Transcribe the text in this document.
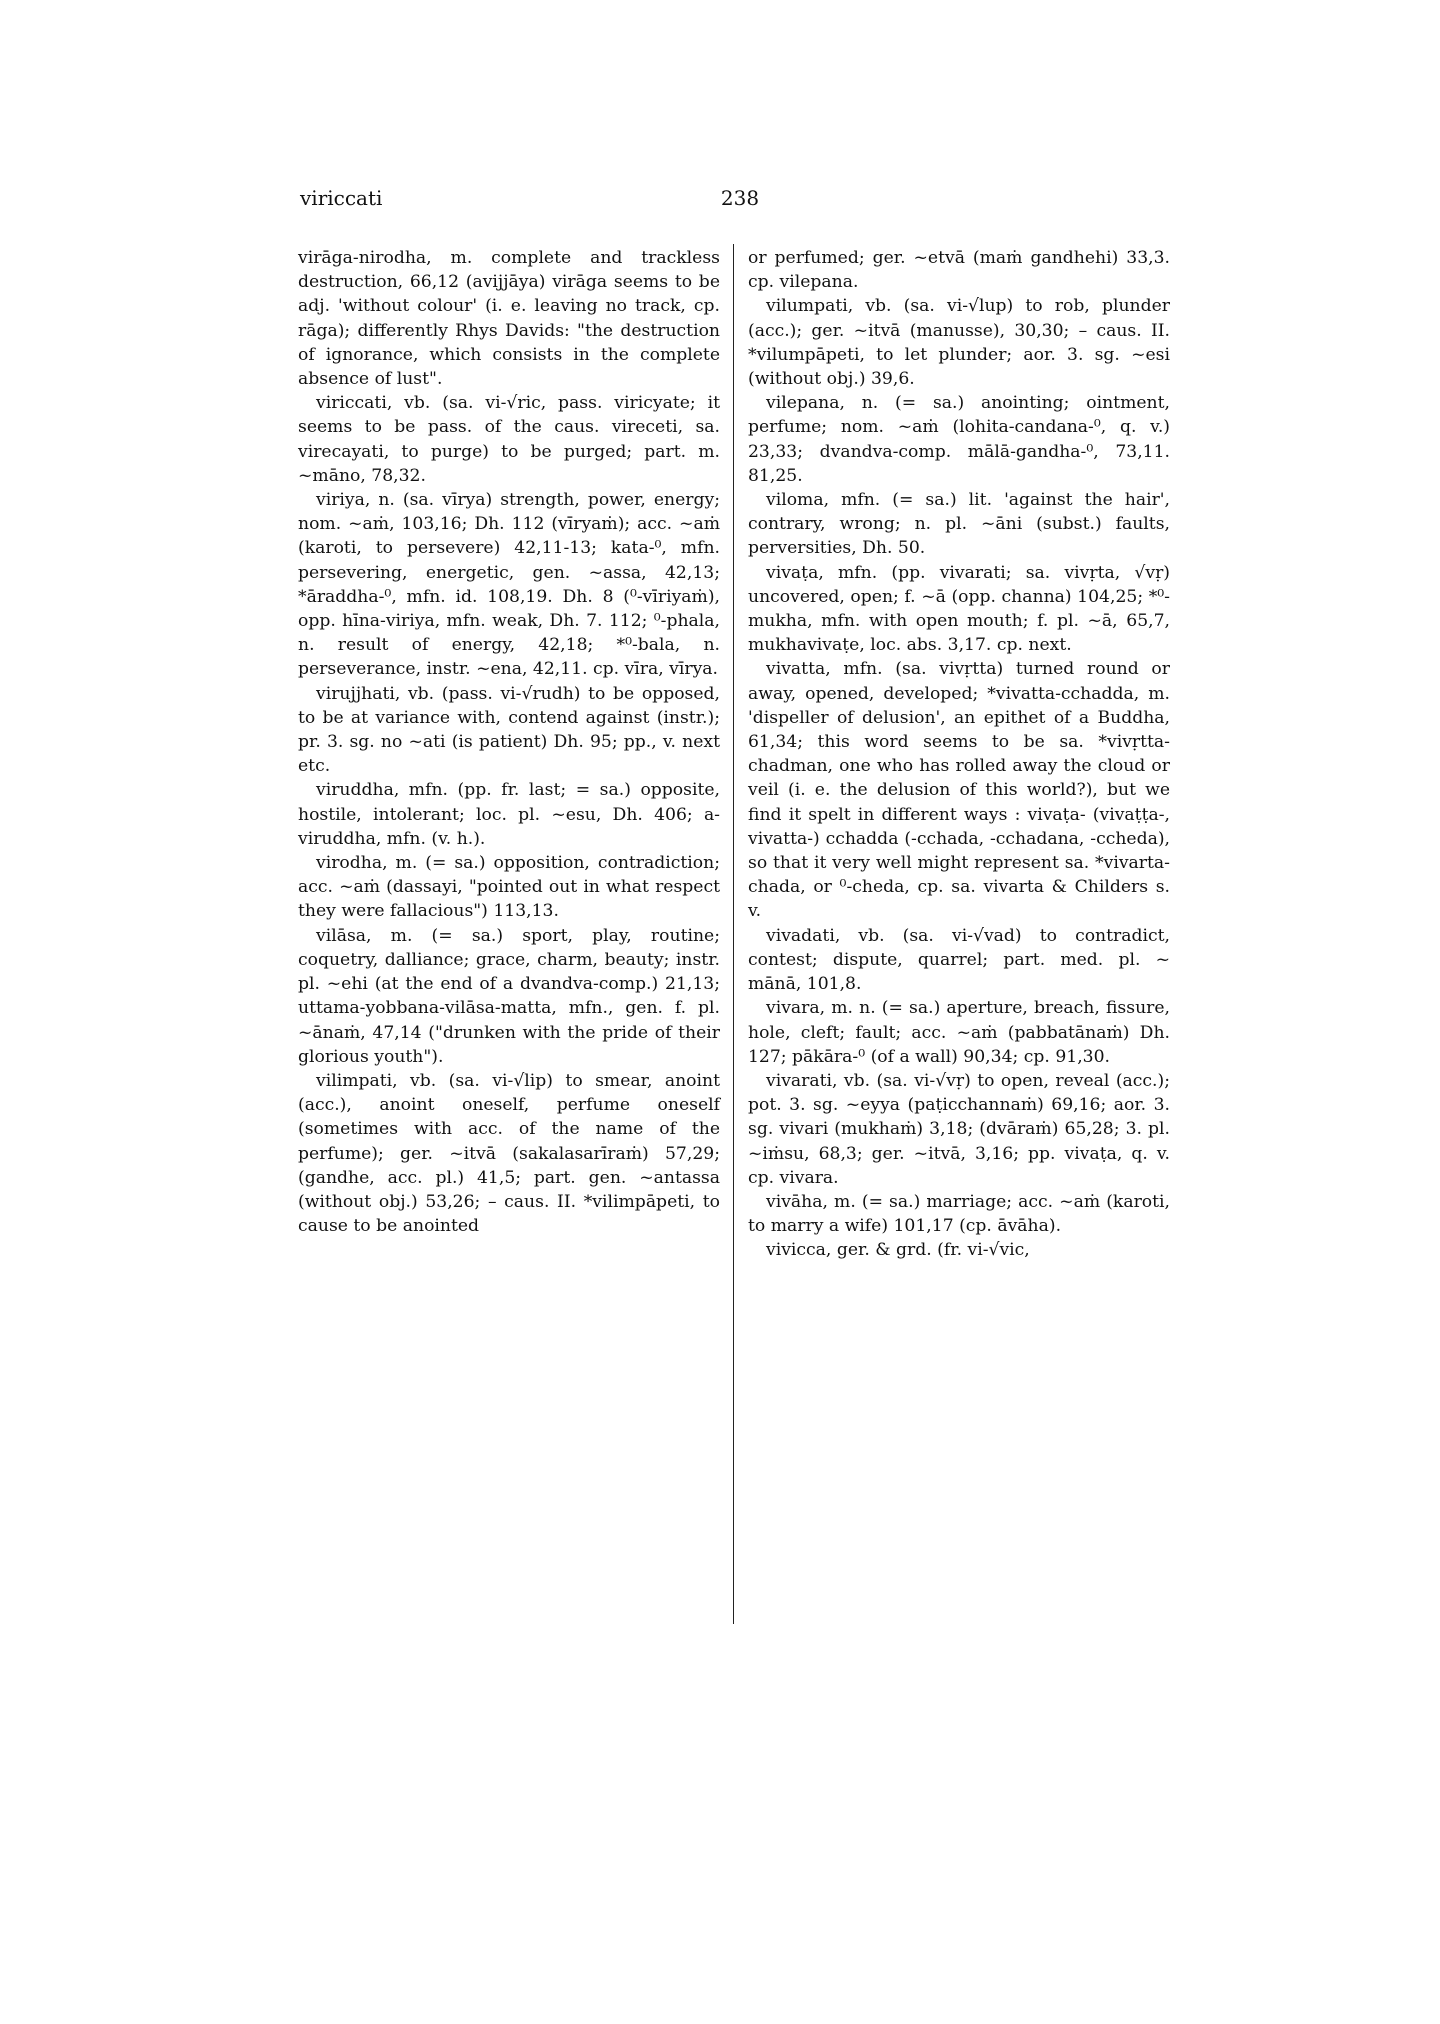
viriccati	238

virāga-nirodha, m. complete and trackless destruction, 66,12 (avijjāya) virāga seems to be adj. 'without colour' (i. e. leaving no track, cp. rāga); differently Rhys Davids: "the destruction of ignorance, which consists in the complete absence of lust".

viriccati, vb. (sa. vi-√ric, pass. viricyate; it seems to be pass. of the caus. vireceti, sa. virecayati, to purge) to be purged; part. m. ~māno, 78,32.

viriya, n. (sa. vīrya) strength, power, energy; nom. ~aṁ, 103,16; Dh. 112 (vīryaṁ); acc. ~aṁ (karoti, to persevere) 42,11-13; kata-⁰, mfn. persevering, energetic, gen. ~assa, 42,13; *āraddha-⁰, mfn. id. 108,19. Dh. 8 (⁰-vīriyaṁ), opp. hīna-viriya, mfn. weak, Dh. 7. 112; ⁰-phala, n. result of energy, 42,18; *⁰-bala, n. perseverance, instr. ~ena, 42,11. cp. vīra, vīrya.

virujjhati, vb. (pass. vi-√rudh) to be opposed, to be at variance with, contend against (instr.); pr. 3. sg. no ~ati (is patient) Dh. 95; pp., v. next etc.

viruddha, mfn. (pp. fr. last; = sa.) opposite, hostile, intolerant; loc. pl. ~esu, Dh. 406; a-viruddha, mfn. (v. h.).

virodha, m. (= sa.) opposition, contradiction; acc. ~aṁ (dassayi, "pointed out in what respect they were fallacious") 113,13.

vilāsa, m. (= sa.) sport, play, routine; coquetry, dalliance; grace, charm, beauty; instr. pl. ~ehi (at the end of a dvandva-comp.) 21,13; uttama-yobbana-vilāsa-matta, mfn., gen. f. pl. ~ānaṁ, 47,14 ("drunken with the pride of their glorious youth").

vilimpati, vb. (sa. vi-√lip) to smear, anoint (acc.), anoint oneself, perfume oneself (sometimes with acc. of the name of the perfume); ger. ~itvā (sakalasarīraṁ) 57,29; (gandhe, acc. pl.) 41,5; part. gen. ~antassa (without obj.) 53,26; – caus. II. *vilimpāpeti, to cause to be anointed

or perfumed; ger. ~etvā (maṁ gandhehi) 33,3. cp. vilepana.

vilumpati, vb. (sa. vi-√lup) to rob, plunder (acc.); ger. ~itvā (manusse), 30,30; – caus. II. *vilumpāpeti, to let plunder; aor. 3. sg. ~esi (without obj.) 39,6.

vilepana, n. (= sa.) anointing; ointment, perfume; nom. ~aṁ (lohita-candana-⁰, q. v.) 23,33; dvandva-comp. mālā-gandha-⁰, 73,11. 81,25.

viloma, mfn. (= sa.) lit. 'against the hair', contrary, wrong; n. pl. ~āni (subst.) faults, perversities, Dh. 50.

vivaṭa, mfn. (pp. vivarati; sa. vivṛta, √vṛ) uncovered, open; f. ~ā (opp. channa) 104,25; *⁰-mukha, mfn. with open mouth; f. pl. ~ā, 65,7, mukhavivaṭe, loc. abs. 3,17. cp. next.

vivatta, mfn. (sa. vivṛtta) turned round or away, opened, developed; *vivatta-cchadda, m. 'dispeller of delusion', an epithet of a Buddha, 61,34; this word seems to be sa. *vivṛtta-chadman, one who has rolled away the cloud or veil (i. e. the delusion of this world?), but we find it spelt in different ways : vivaṭa- (vivaṭṭa-, vivatta-) cchadda (-cchada, -cchadana, -ccheda), so that it very well might represent sa. *vivarta-chada, or ⁰-cheda, cp. sa. vivarta & Childers s. v.

vivadati, vb. (sa. vi-√vad) to contradict, contest; dispute, quarrel; part. med. pl. ~ mānā, 101,8.

vivara, m. n. (= sa.) aperture, breach, fissure, hole, cleft; fault; acc. ~aṁ (pabbatānaṁ) Dh. 127; pākāra-⁰ (of a wall) 90,34; cp. 91,30.

vivarati, vb. (sa. vi-√vṛ) to open, reveal (acc.); pot. 3. sg. ~eyya (paṭicchannaṁ) 69,16; aor. 3. sg. vivari (mukhaṁ) 3,18; (dvāraṁ) 65,28; 3. pl. ~iṁsu, 68,3; ger. ~itvā, 3,16; pp. vivaṭa, q. v. cp. vivara.

vivāha, m. (= sa.) marriage; acc. ~aṁ (karoti, to marry a wife) 101,17 (cp. āvāha).

vivicca, ger. & grd. (fr. vi-√vic,
